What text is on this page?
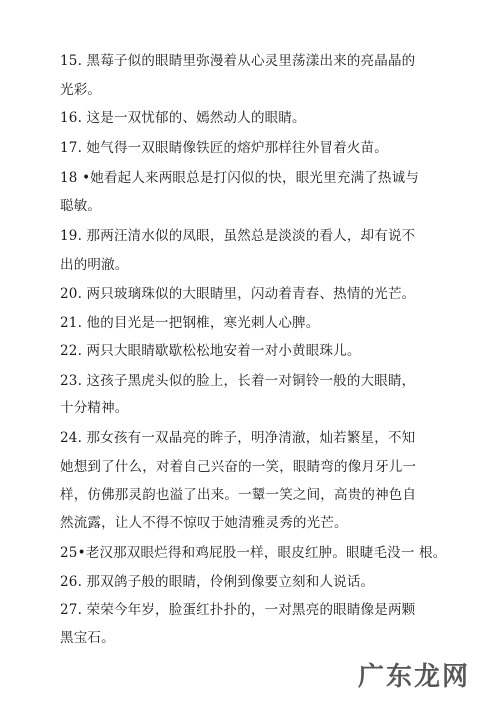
15. 黑莓子似的眼睛里弥漫着从心灵里荡漾出来的亮晶晶的
光彩。
16. 这是一双忧郁的、嫣然动人的眼睛。
17. 她气得一双眼睛像铁匠的熔炉那样往外冒着火苗。
18 •她看起人来两眼总是打闪似的快，眼光里充满了热诚与
聪敏。
19. 那两汪清水似的凤眼，虽然总是淡淡的看人，却有说不
出的明澈。
20. 两只玻璃珠似的大眼睛里，闪动着青春、热情的光芒。
21. 他的目光是一把钢椎，寒光刺人心脾。
22. 两只大眼睛歇歇松松地安着一对小黄眼珠儿。
23. 这孩子黑虎头似的脸上，长着一对铜铃一般的大眼睛，
十分精神。
24. 那女孩有一双晶亮的眸子，明净清澈，灿若繁星，不知
她想到了什么，对着自己兴奋的一笑，眼睛弯的像月牙儿一
样，仿佛那灵韵也溢了出来。一颦一笑之间，高贵的神色自
然流露，让人不得不惊叹于她清雅灵秀的光芒。
25•老汉那双眼烂得和鸡屁股一样，眼皮红肿。眼睫毛没一 根。
26. 那双鸽子般的眼睛，伶俐到像要立刻和人说话。
27. 荣荣今年岁，脸蛋红扑扑的，一对黑亮的眼睛像是两颗
黑宝石。
广东龙网
